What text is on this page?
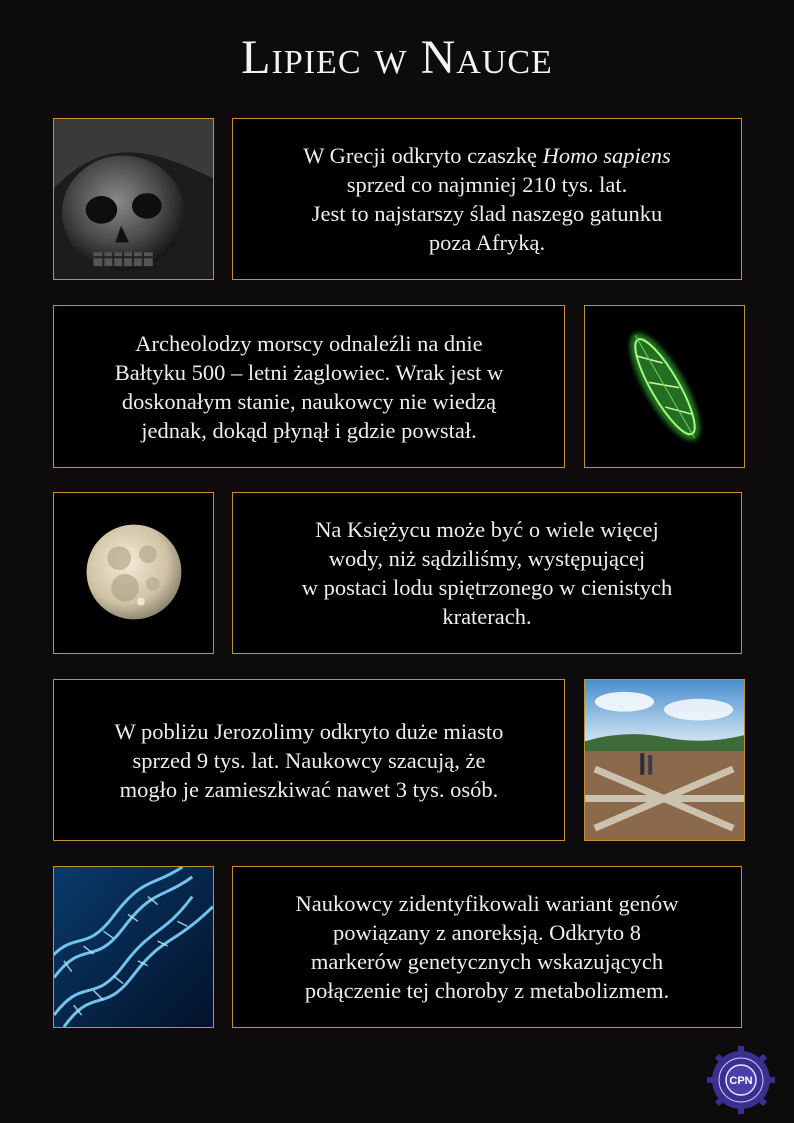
Lipiec w Nauce
W Grecji odkryto czaszkę Homo sapiens
sprzed co najmniej 210 tys. lat.
Jest to najstarszy ślad naszego gatunku
poza Afryką.
Archeolodzy morscy odnaleźli na dnie
Bałtyku 500 – letni żaglowiec. Wrak jest w
doskonałym stanie, naukowcy nie wiedzą
jednak, dokąd płynął i gdzie powstał.
Na Księżycu może być o wiele więcej
wody, niż sądziliśmy, występującej
w postaci lodu spiętrzonego w cienistych
kraterach.
W pobliżu Jerozolimy odkryto duże miasto
sprzed 9 tys. lat. Naukowcy szacują, że
mogło je zamieszkiwać nawet 3 tys. osób.
Naukowcy zidentyfikowali wariant genów
powiązany z anoreksją. Odkryto 8
markerów genetycznych wskazujących
połączenie tej choroby z metabolizmem.
CPN
